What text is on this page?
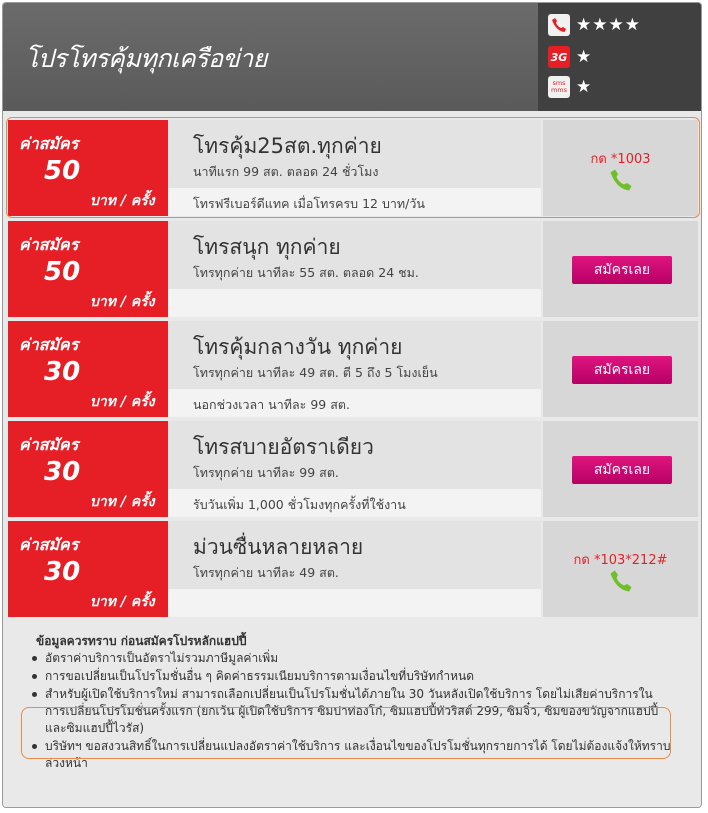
โปรโทรคุ้มทุกเครือข่าย
★★★★
3G ★
sms mms ★
ค่าสมัคร
50
บาท / ครั้ง
โทรคุ้ม25สต.ทุกค่าย
นาทีแรก 99 สต. ตลอด 24 ชั่วโมง
โทรฟรีเบอร์ดีแทค เมื่อโทรครบ 12 บาท/วัน
กด *1003
ค่าสมัคร
50
บาท / ครั้ง
โทรสนุก ทุกค่าย
โทรทุกค่าย นาทีละ 55 สต. ตลอด 24 ชม.	สมัครเลย
ค่าสมัคร
30
บาท / ครั้ง
โทรคุ้มกลางวัน ทุกค่าย
โทรทุกค่าย นาทีละ 49 สต. ตี 5 ถึง 5 โมงเย็น
นอกช่วงเวลา นาทีละ 99 สต.
สมัครเลย
ค่าสมัคร
30
บาท / ครั้ง
โทรสบายอัตราเดียว
โทรทุกค่าย นาทีละ 99 สต.
รับวันเพิ่ม 1,000 ชั่วโมงทุกครั้งที่ใช้งาน
สมัครเลย
ค่าสมัคร
30
บาท / ครั้ง
ม่วนซื่นหลายหลาย
โทรทุกค่าย นาทีละ 49 สต.
กด *103*212#
ข้อมูลควรทราบ ก่อนสมัครโปรหลักแฮปปี้
อัตราค่าบริการเป็นอัตราไม่รวมภาษีมูลค่าเพิ่ม
การขอเปลี่ยนเป็นโปรโมชั่นอื่น ๆ คิดค่าธรรมเนียมบริการตามเงื่อนไขที่บริษัทกำหนด
สำหรับผู้เปิดใช้บริการใหม่ สามารถเลือกเปลี่ยนเป็นโปรโมชั่นได้ภายใน 30 วันหลังเปิดใช้บริการ โดยไม่เสียค่าบริการในการเปลี่ยนโปรโมชั่นครั้งแรก (ยกเว้น ผู้เปิดใช้บริการ ซิมปาท่องโก๋, ซิมแฮปปี้ทัวริสต์ 299, ซิมจิ๋ว, ซิมของขวัญจากแฮปปี้ และซิมแฮปปี้ไวรัส)
บริษัทฯ ขอสงวนสิทธิ์ในการเปลี่ยนแปลงอัตราค่าใช้บริการ และเงื่อนไขของโปรโมชั่นทุกรายการได้ โดยไม่ต้องแจ้งให้ทราบล่วงหน้า
